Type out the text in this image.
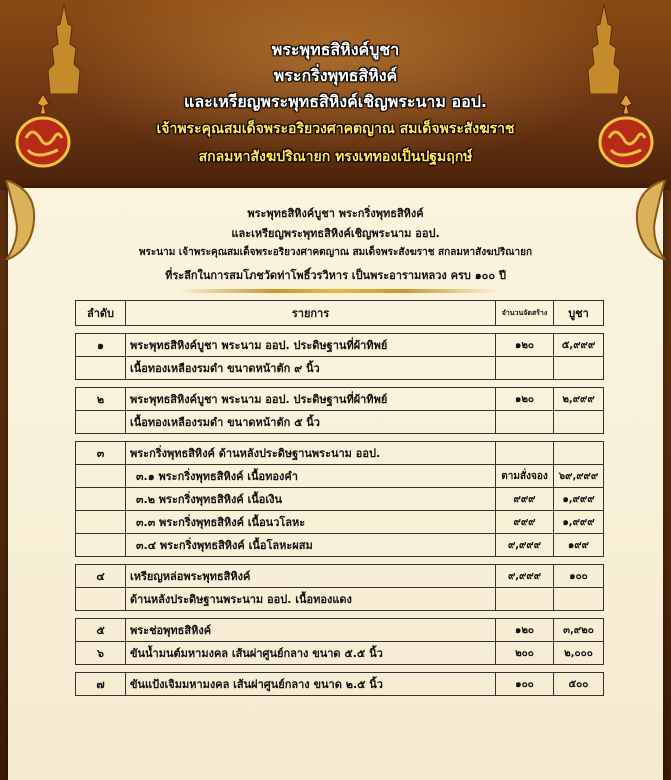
พระพุทธสิหิงค์บูชา
พระกริ่งพุทธสิหิงค์
และเหรียญพระพุทธสิหิงค์เชิญพระนาม ออป.
เจ้าพระคุณสมเด็จพระอริยวงศาคตญาณ สมเด็จพระสังฆราช
สกลมหาสังฆปริณายก ทรงเททองเป็นปฐมฤกษ์
พระพุทธสิหิงค์บูชา พระกริ่งพุทธสิหิงค์
และเหรียญพระพุทธสิหิงค์เชิญพระนาม ออป.
พระนาม เจ้าพระคุณสมเด็จพระอริยวงศาคตญาณ สมเด็จพระสังฆราช สกลมหาสังฆปริณายก
ที่ระลึกในการสมโภชวัดท่าโพธิ์วรวิหาร เป็นพระอารามหลวง ครบ ๑๐๐ ปี
ลำดับ	รายการ	จำนวนจัดสร้าง	บูชา

๑	พระพุทธสิหิงค์บูชา พระนาม ออป. ประดิษฐานที่ผ้าทิพย์	๑๒๐	๕,๙๙๙
	เนื้อทองเหลืองรมดำ ขนาดหน้าตัก ๙ นิ้ว		

๒	พระพุทธสิหิงค์บูชา พระนาม ออป. ประดิษฐานที่ผ้าทิพย์	๑๒๐	๒,๙๙๙
	เนื้อทองเหลืองรมดำ ขนาดหน้าตัก ๕ นิ้ว		

๓	พระกริ่งพุทธสิหิงค์ ด้านหลังประดิษฐานพระนาม ออป.		
	๓.๑ พระกริ่งพุทธสิหิงค์ เนื้อทองคำ	ตามสั่งจอง	๖๙,๙๙๙
	๓.๒ พระกริ่งพุทธสิหิงค์ เนื้อเงิน	๙๙๙	๑,๙๙๙
	๓.๓ พระกริ่งพุทธสิหิงค์ เนื้อนวโลหะ	๙๙๙	๑,๙๙๙
	๓.๔ พระกริ่งพุทธสิหิงค์ เนื้อโลหะผสม	๙,๙๙๙	๑๙๙

๔	เหรียญหล่อพระพุทธสิหิงค์	๙,๙๙๙	๑๐๐
	ด้านหลังประดิษฐานพระนาม ออป. เนื้อทองแดง		

๕	พระช่อพุทธสิหิงค์	๑๒๐	๓,๙๒๐
๖	ขันน้ำมนต์มหามงคล เส้นผ่าศูนย์กลาง ขนาด ๕.๕ นิ้ว	๒๐๐	๒,๐๐๐

๗	ขันแป้งเจิมมหามงคล เส้นผ่าศูนย์กลาง ขนาด ๒.๕ นิ้ว	๑๐๐	๕๐๐
